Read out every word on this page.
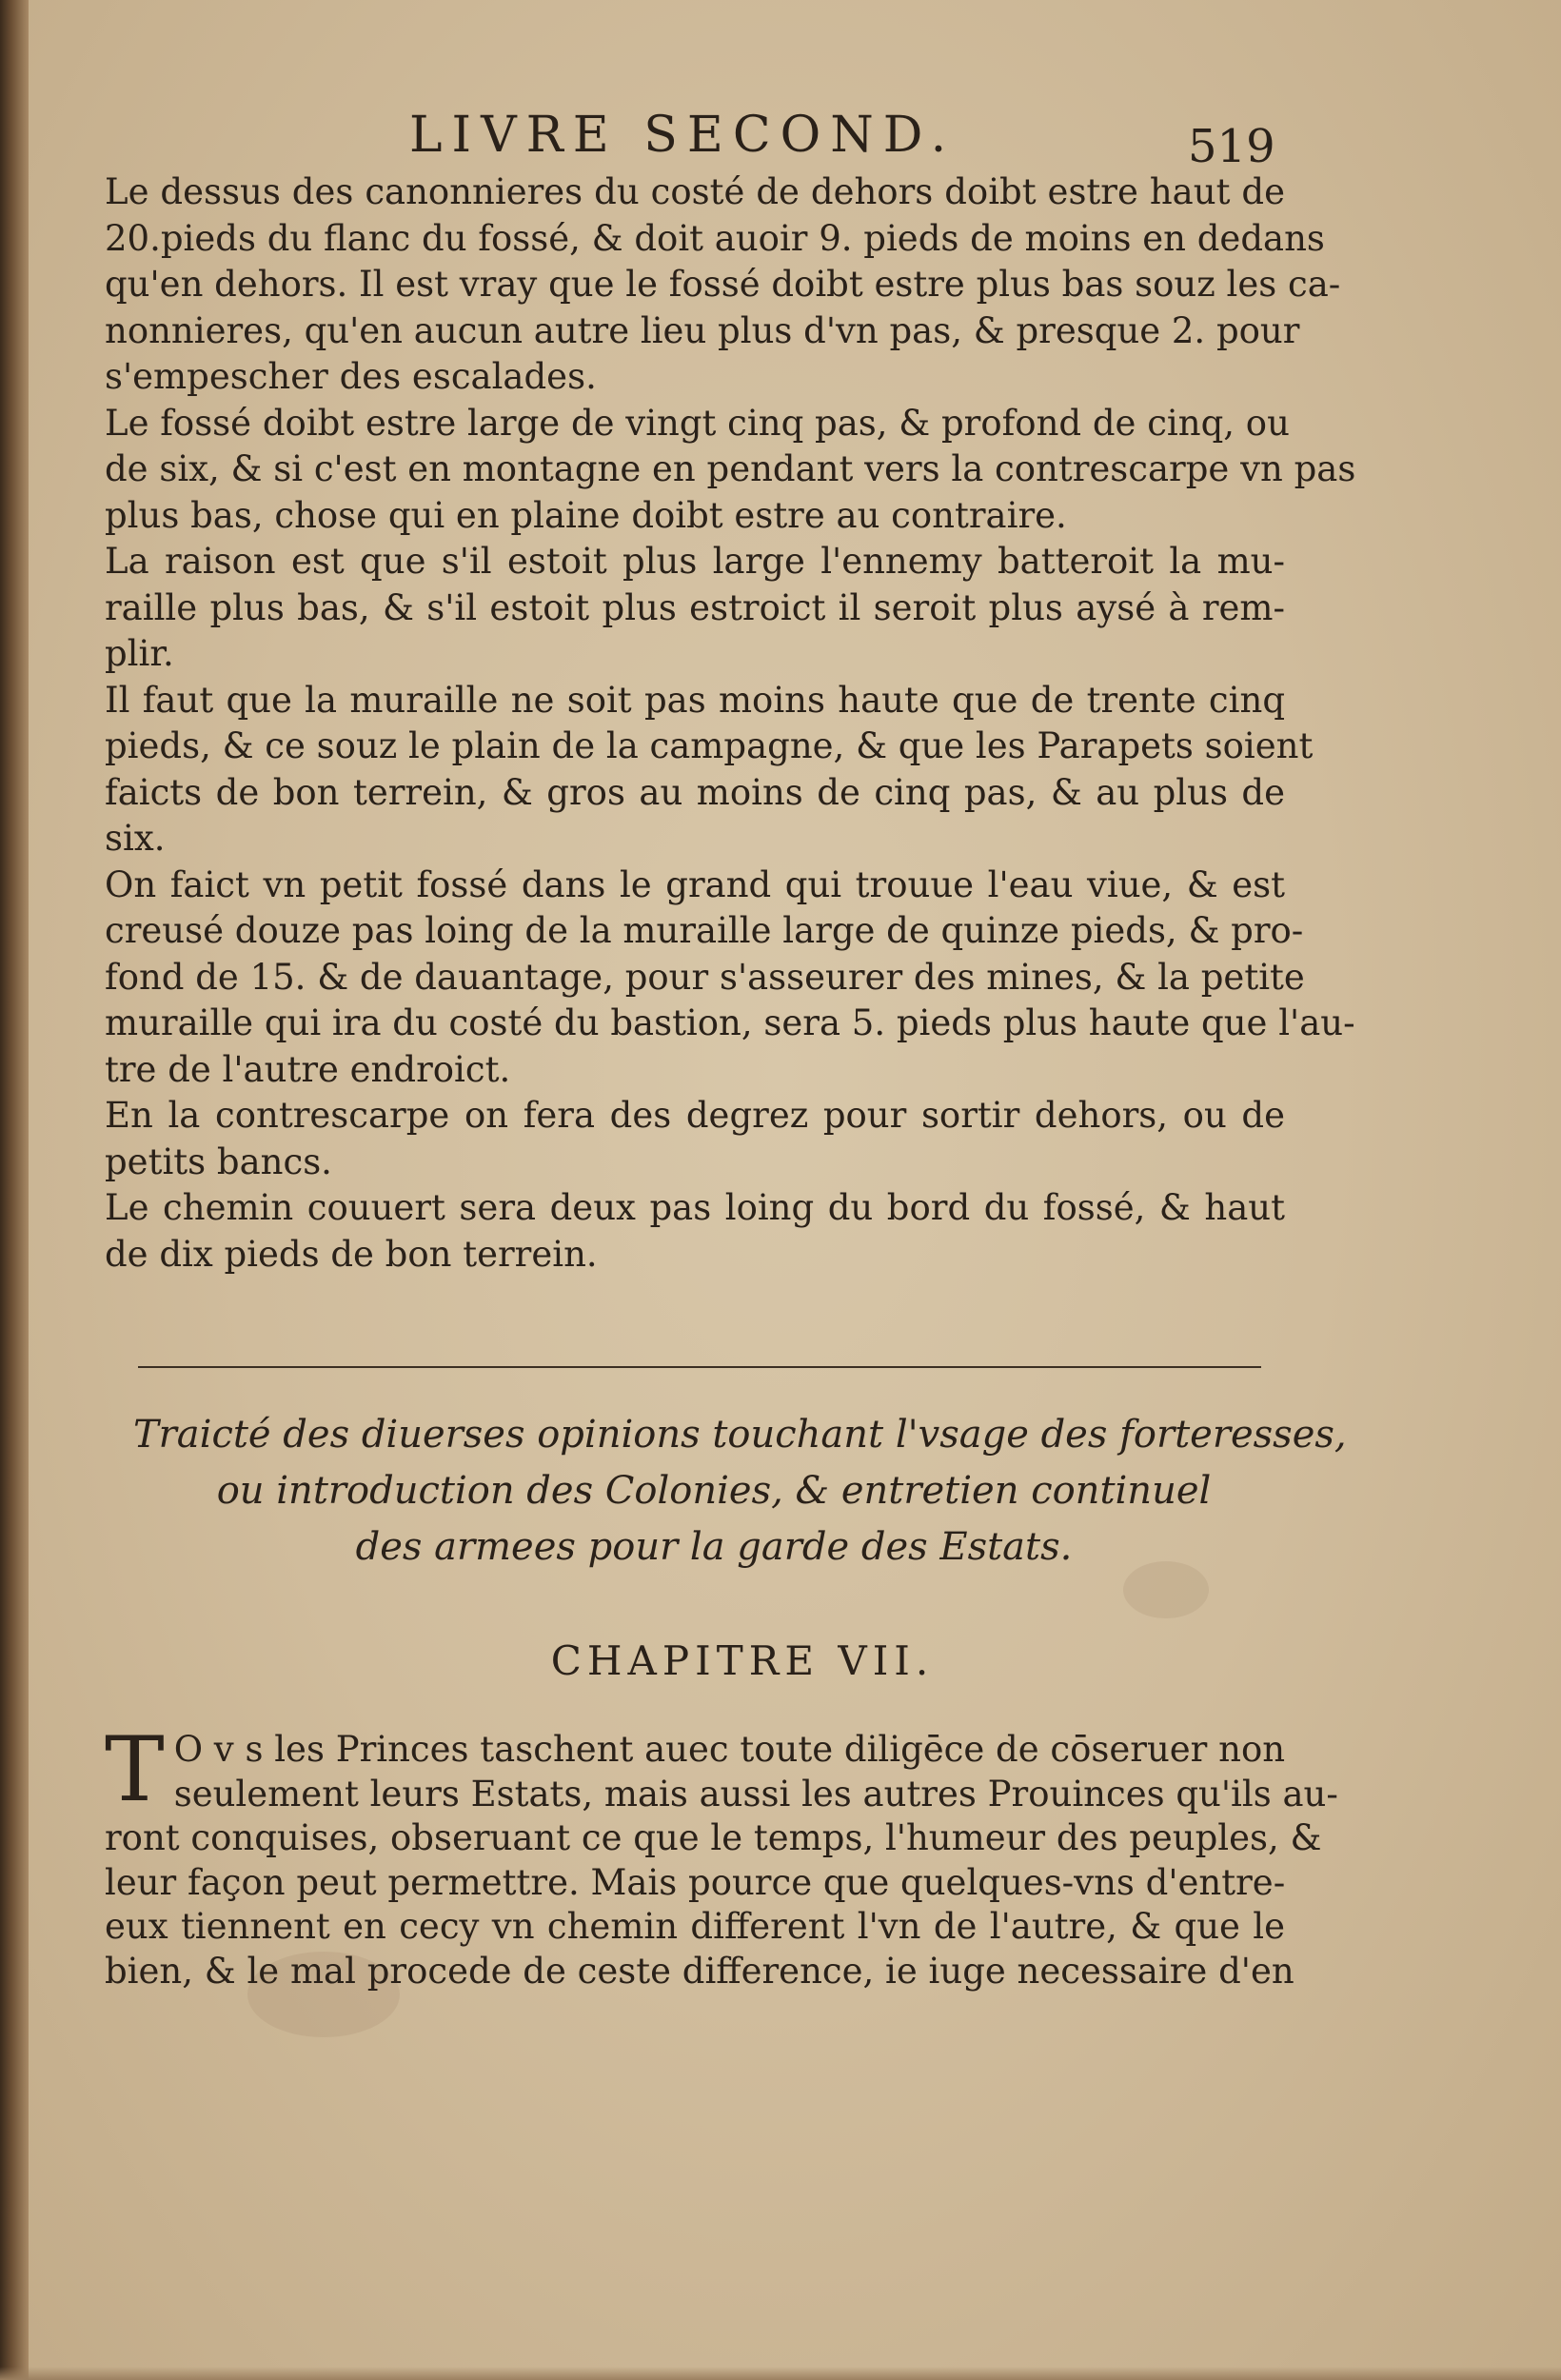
LIVRE SECOND.	519
Le dessus des canonnieres du costé de dehors doibt estre haut de
20.pieds du flanc du fossé, & doit auoir 9. pieds de moins en dedans
qu'en dehors. Il est vray que le fossé doibt estre plus bas souz les ca-
nonnieres, qu'en aucun autre lieu plus d'vn pas, & presque 2. pour
s'empescher des escalades.
Le fossé doibt estre large de vingt cinq pas, & profond de cinq, ou
de six, & si c'est en montagne en pendant vers la contrescarpe vn pas
plus bas, chose qui en plaine doibt estre au contraire.
La raison est que s'il estoit plus large l'ennemy batteroit la mu-
raille plus bas, & s'il estoit plus estroict il seroit plus aysé à rem-
plir.
Il faut que la muraille ne soit pas moins haute que de trente cinq
pieds, & ce souz le plain de la campagne, & que les Parapets soient
faicts de bon terrein, & gros au moins de cinq pas, & au plus de
six.
On faict vn petit fossé dans le grand qui trouue l'eau viue, & est
creusé douze pas loing de la muraille large de quinze pieds, & pro-
fond de 15. & de dauantage, pour s'asseurer des mines, & la petite
muraille qui ira du costé du bastion, sera 5. pieds plus haute que l'au-
tre de l'autre endroict.
En la contrescarpe on fera des degrez pour sortir dehors, ou de
petits bancs.
Le chemin couuert sera deux pas loing du bord du fossé, & haut
de dix pieds de bon terrein.
Traicté des diuerses opinions touchant l'vsage des forteresses,
ou introduction des Colonies, & entretien continuel
des armees pour la garde des Estats.
CHAPITRE VII.
T O v s les Princes taschent auec toute diligēce de cōseruer non
seulement leurs Estats, mais aussi les autres Prouinces qu'ils au-
ront conquises, obseruant ce que le temps, l'humeur des peuples, &
leur façon peut permettre. Mais pource que quelques-vns d'entre-
eux tiennent en cecy vn chemin different l'vn de l'autre, & que le
bien, & le mal procede de ceste difference, ie iuge necessaire d'en
